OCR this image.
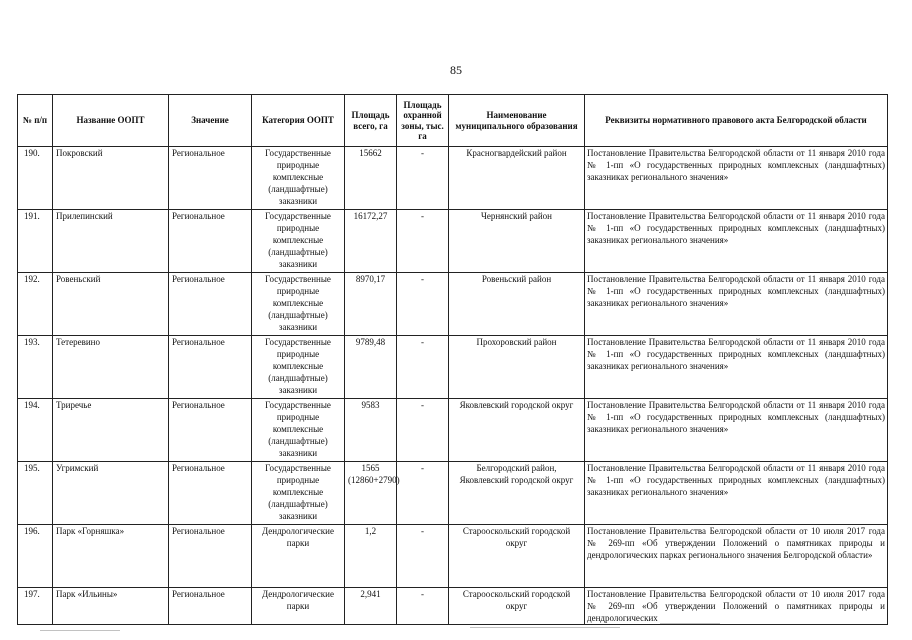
85
№ п/п	Название ООПТ	Значение	Категория ООПТ	Площадь всего, га	Площадь охранной зоны, тыс. га	Наименование муниципального образования	Реквизиты нормативного правового акта Белгородской области
190.	Покровский	Региональное	Государственные природные комплексные (ландшафтные) заказники	15662	-	Красногвардейский район	Постановление Правительства Белгородской области от 11 января 2010 года № 1-пп «О государственных природных комплексных (ландшафтных) заказниках регионального значения»
191.	Прилепинский	Региональное	Государственные природные комплексные (ландшафтные) заказники	16172,27	-	Чернянский район	Постановление Правительства Белгородской области от 11 января 2010 года № 1-пп «О государственных природных комплексных (ландшафтных) заказниках регионального значения»
192.	Ровеньский	Региональное	Государственные природные комплексные (ландшафтные) заказники	8970,17	-	Ровеньский район	Постановление Правительства Белгородской области от 11 января 2010 года № 1-пп «О государственных природных комплексных (ландшафтных) заказниках регионального значения»
193.	Тетеревино	Региональное	Государственные природные комплексные (ландшафтные) заказники	9789,48	-	Прохоровский район	Постановление Правительства Белгородской области от 11 января 2010 года № 1-пп «О государственных природных комплексных (ландшафтных) заказниках регионального значения»
194.	Триречье	Региональное	Государственные природные комплексные (ландшафтные) заказники	9583	-	Яковлевский городской округ	Постановление Правительства Белгородской области от 11 января 2010 года № 1-пп «О государственных природных комплексных (ландшафтных) заказниках регионального значения»
195.	Угримский	Региональное	Государственные природные комплексные (ландшафтные) заказники	1565 (12860+2790)	-	Белгородский район, Яковлевский городской округ	Постановление Правительства Белгородской области от 11 января 2010 года № 1-пп «О государственных природных комплексных (ландшафтных) заказниках регионального значения»
196.	Парк «Горняшка»	Региональное	Дендрологические парки	1,2	-	Старооскольский городской округ	Постановление Правительства Белгородской области от 10 июля 2017 года № 269-пп «Об утверждении Положений о памятниках природы и дендрологических парках регионального значения Белгородской области»
197.	Парк «Ильины»	Региональное	Дендрологические парки	2,941	-	Старооскольский городской округ	Постановление Правительства Белгородской области от 10 июля 2017 года № 269-пп «Об утверждении Положений о памятниках природы и дендрологических
